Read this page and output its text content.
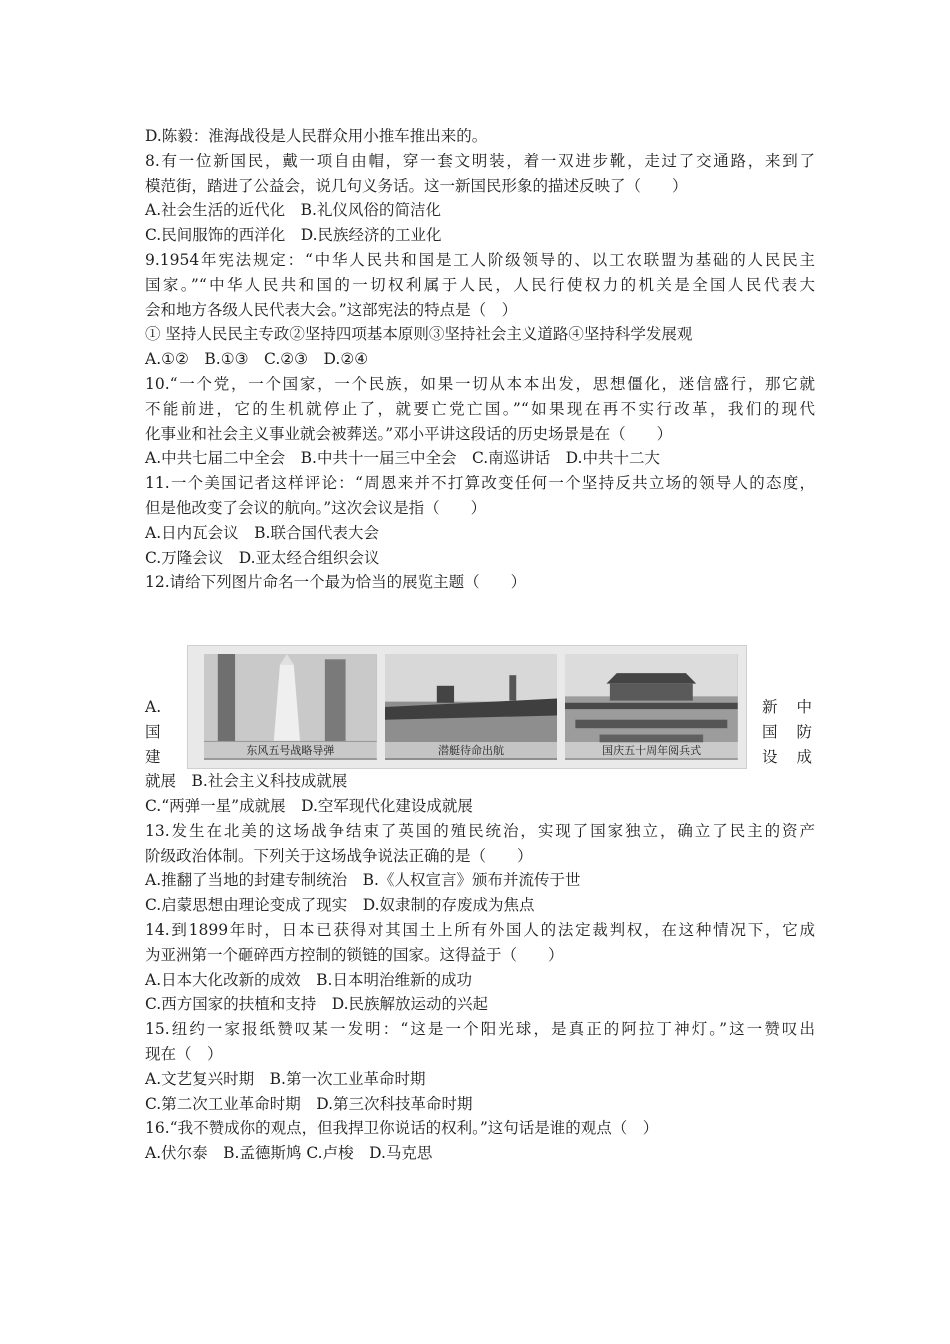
D.陈毅：淮海战役是人民群众用小推车推出来的。
8.有一位新国民，戴一项自由帽，穿一套文明装，着一双进步靴，走过了交通路，来到了
模范街，踏进了公益会，说几句义务话。这一新国民形象的描述反映了（　　）
A.社会生活的近代化　B.礼仪风俗的简洁化
C.民间服饰的西洋化　D.民族经济的工业化
9.1954年宪法规定：“中华人民共和国是工人阶级领导的、以工农联盟为基础的人民民主
国家。”“中华人民共和国的一切权利属于人民，人民行使权力的机关是全国人民代表大
会和地方各级人民代表大会。”这部宪法的特点是（　）
① 坚持人民民主专政②坚持四项基本原则③坚持社会主义道路④坚持科学发展观
A.①②　B.①③　C.②③　D.②④
10.“一个党，一个国家，一个民族，如果一切从本本出发，思想僵化，迷信盛行，那它就
不能前进，它的生机就停止了，就要亡党亡国。”“如果现在再不实行改革，我们的现代
化事业和社会主义事业就会被葬送。”邓小平讲这段话的历史场景是在（　　）
A.中共七届二中全会　B.中共十一届三中全会　C.南巡讲话　D.中共十二大
11.一个美国记者这样评论：“周恩来并不打算改变任何一个坚持反共立场的领导人的态度，
但是他改变了会议的航向。”这次会议是指（　　）
A.日内瓦会议　B.联合国代表大会
C.万隆会议　D.亚太经合组织会议
12.请给下列图片命名一个最为恰当的展览主题（　　）
A.
国
建	东风五号战略导弹	潜艇待命出航	国庆五十周年阅兵式
新 中
国 防
设 成
就展　B.社会主义科技成就展
C.“两弹一星”成就展　D.空军现代化建设成就展
13.发生在北美的这场战争结束了英国的殖民统治，实现了国家独立，确立了民主的资产
阶级政治体制。下列关于这场战争说法正确的是（　　）
A.推翻了当地的封建专制统治　B.《人权宣言》颁布并流传于世
C.启蒙思想由理论变成了现实　D.奴隶制的存废成为焦点
14.到1899年时，日本已获得对其国土上所有外国人的法定裁判权，在这种情况下，它成
为亚洲第一个砸碎西方控制的锁链的国家。这得益于（　　）
A.日本大化改新的成效　B.日本明治维新的成功
C.西方国家的扶植和支持　D.民族解放运动的兴起
15.纽约一家报纸赞叹某一发明：“这是一个阳光球，是真正的阿拉丁神灯。”这一赞叹出
现在（　）
A.文艺复兴时期　B.第一次工业革命时期
C.第二次工业革命时期　D.第三次科技革命时期
16.“我不赞成你的观点，但我捍卫你说话的权利。”这句话是谁的观点（　）
A.伏尔泰　B.孟德斯鸠 C.卢梭　D.马克思
